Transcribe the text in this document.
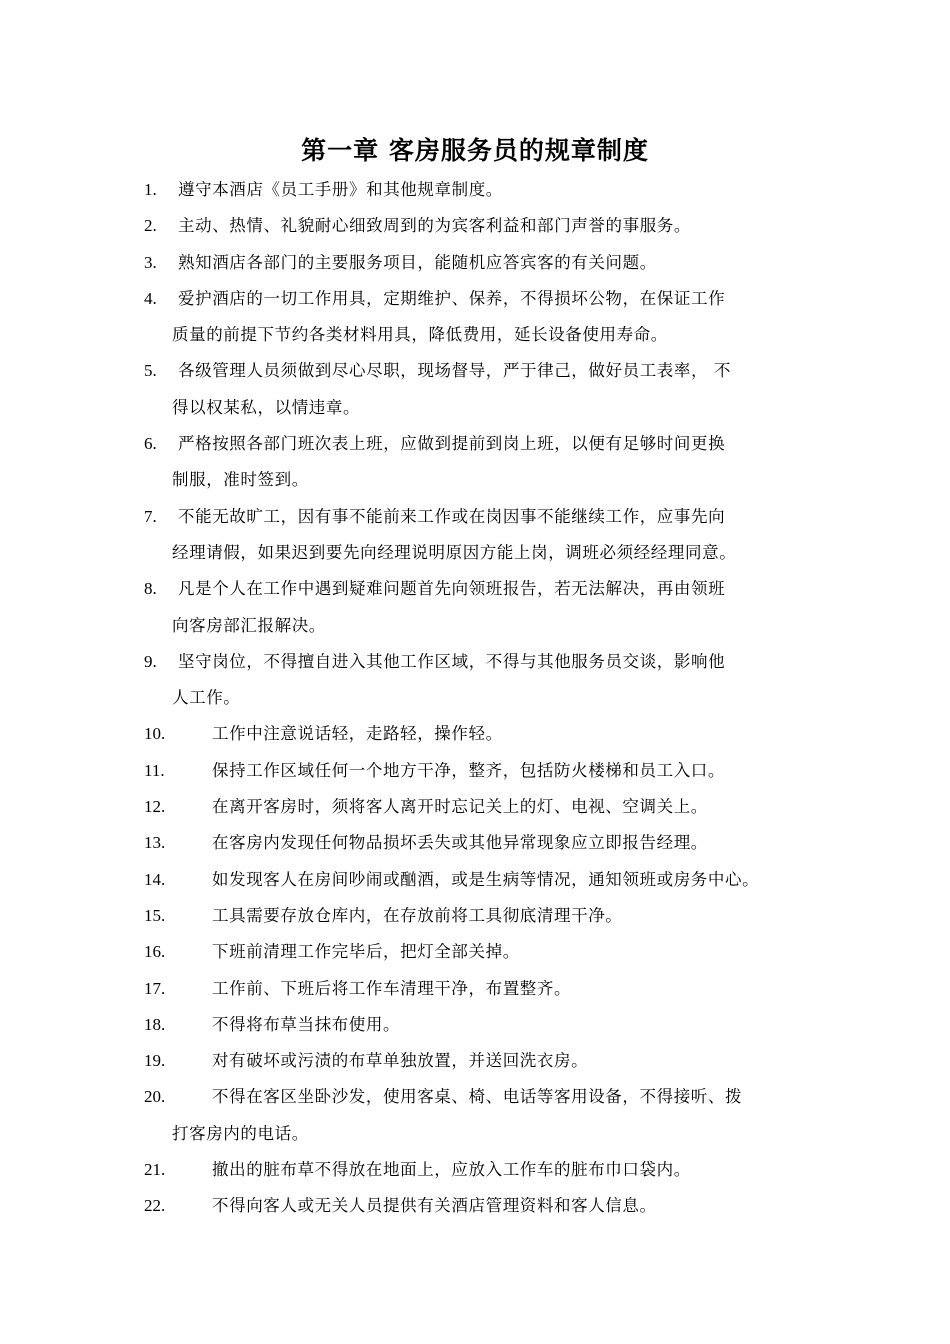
第一章 客房服务员的规章制度
1.	遵守本酒店《员工手册》和其他规章制度。
2.	主动、热情、礼貌耐心细致周到的为宾客利益和部门声誉的事服务。
3.	熟知酒店各部门的主要服务项目，能随机应答宾客的有关问题。
4.	爱护酒店的一切工作用具，定期维护、保养，不得损坏公物，在保证工作
质量的前提下节约各类材料用具，降低费用，延长设备使用寿命。
5.	各级管理人员须做到尽心尽职，现场督导，严于律己，做好员工表率， 不
得以权某私，以情违章。
6.	严格按照各部门班次表上班，应做到提前到岗上班，以便有足够时间更换
制服，准时签到。
7.	不能无故旷工，因有事不能前来工作或在岗因事不能继续工作，应事先向
经理请假，如果迟到要先向经理说明原因方能上岗，调班必须经经理同意。
8.	凡是个人在工作中遇到疑难问题首先向领班报告，若无法解决，再由领班
向客房部汇报解决。
9.	坚守岗位，不得擅自进入其他工作区域，不得与其他服务员交谈，影响他
人工作。
10.	工作中注意说话轻，走路轻，操作轻。
11.	保持工作区域任何一个地方干净，整齐，包括防火楼梯和员工入口。
12.	在离开客房时，须将客人离开时忘记关上的灯、电视、空调关上。
13.	在客房内发现任何物品损坏丢失或其他异常现象应立即报告经理。
14.	如发现客人在房间吵闹或酗酒，或是生病等情况，通知领班或房务中心。
15.	工具需要存放仓库内，在存放前将工具彻底清理干净。
16.	下班前清理工作完毕后，把灯全部关掉。
17.	工作前、下班后将工作车清理干净，布置整齐。
18.	不得将布草当抹布使用。
19.	对有破坏或污渍的布草单独放置，并送回洗衣房。
20.	不得在客区坐卧沙发，使用客桌、椅、电话等客用设备，不得接听、拨
打客房内的电话。
21.	撤出的脏布草不得放在地面上，应放入工作车的脏布巾口袋内。
22.	不得向客人或无关人员提供有关酒店管理资料和客人信息。
